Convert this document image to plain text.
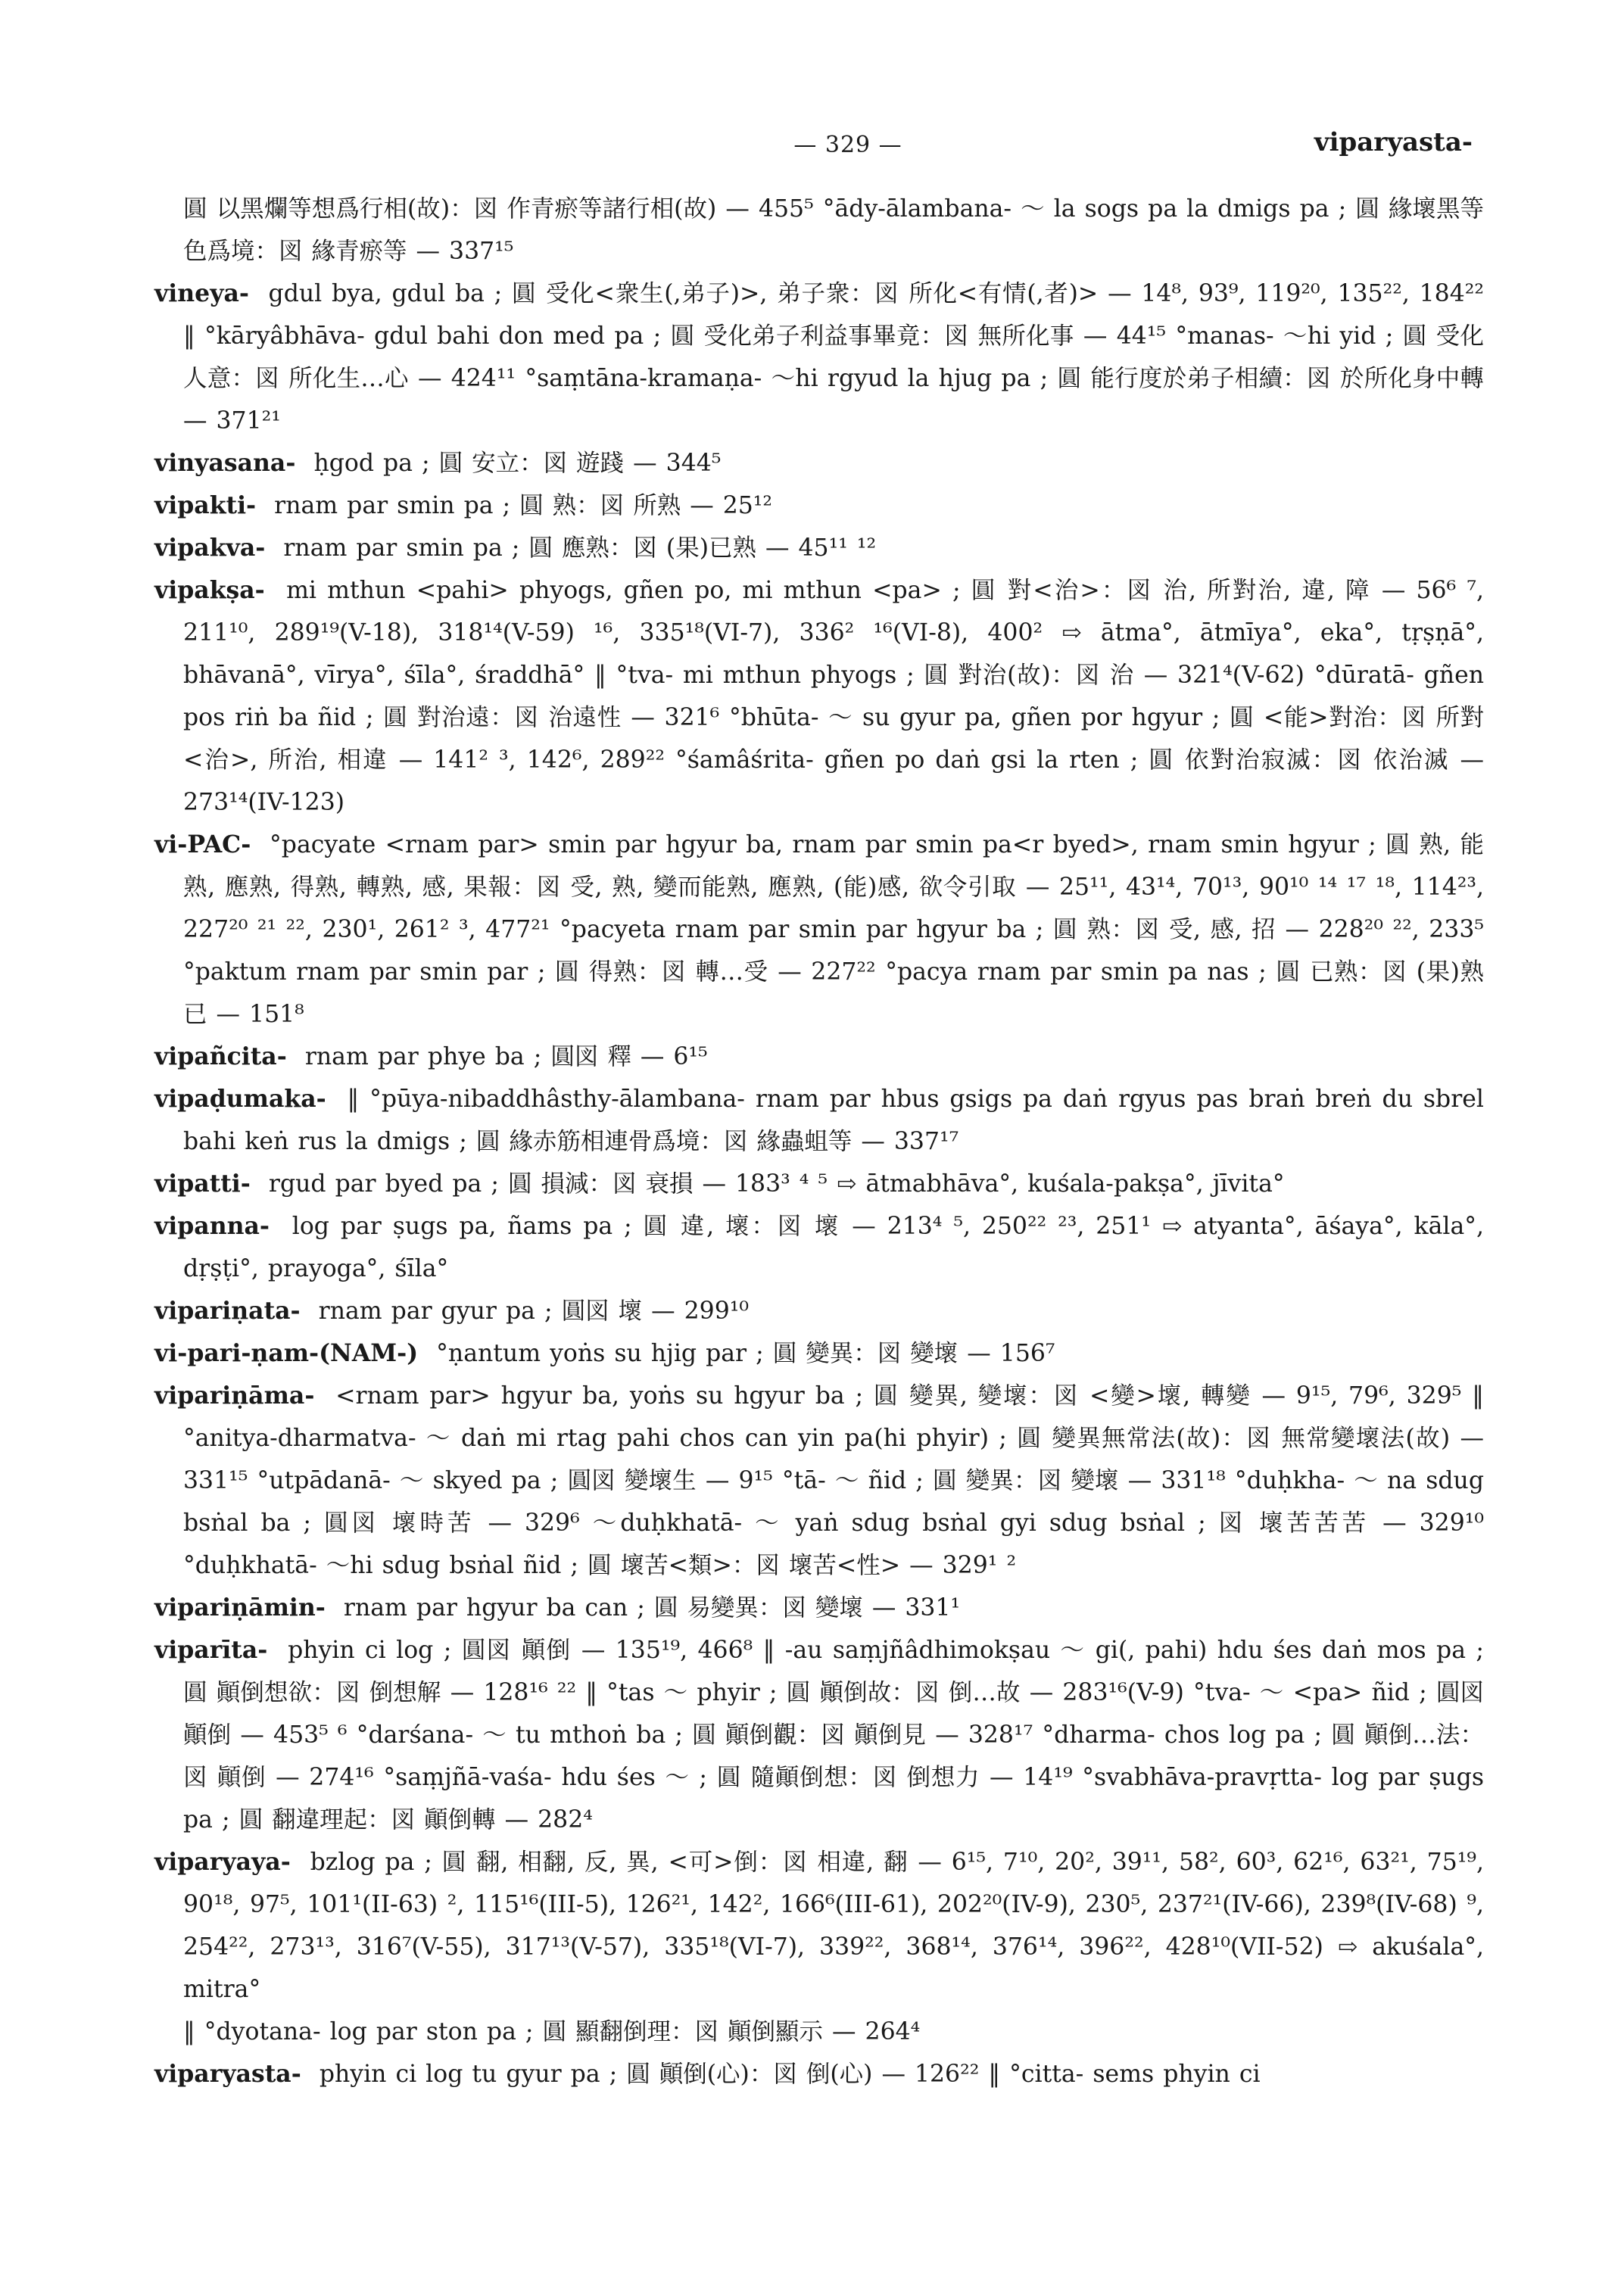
— 329 —	viparyasta-

圓 以黑爛等想爲行相(故)：図 作青瘀等諸行相(故) — 455⁵ °ādy-ālambana- ～ la sogs pa la dmigs pa ; 圓 緣壞黑等色爲境：図 緣青瘀等 — 337¹⁵

vineya- gdul bya, gdul ba ; 圓 受化<衆生(,弟子)>, 弟子衆：図 所化<有情(,者)> — 14⁸, 93⁹, 119²⁰, 135²², 184²² ‖ °kāryâbhāva- gdul bahi don med pa ; 圓 受化弟子利益事畢竟：図 無所化事 — 44¹⁵ °manas- ～hi yid ; 圓 受化人意：図 所化生…心 — 424¹¹ °saṃtāna-kramaṇa- ～hi rgyud la hjug pa ; 圓 能行度於弟子相續：図 於所化身中轉 — 371²¹

vinyasana- ḥgod pa ; 圓 安立：図 遊踐 — 344⁵

vipakti- rnam par smin pa ; 圓 熟：図 所熟 — 25¹²

vipakva- rnam par smin pa ; 圓 應熟：図 (果)已熟 — 45¹¹ ¹²

vipakṣa- mi mthun <pahi> phyogs, gñen po, mi mthun <pa> ; 圓 對<治>：図 治, 所對治, 違, 障 — 56⁶ ⁷, 211¹⁰, 289¹⁹(V-18), 318¹⁴(V-59) ¹⁶, 335¹⁸(VI-7), 336² ¹⁶(VI-8), 400² ⇨ ātma°, ātmīya°, eka°, tṛṣṇā°, bhāvanā°, vīrya°, śīla°, śraddhā° ‖ °tva- mi mthun phyogs ; 圓 對治(故)：図 治 — 321⁴(V-62) °dūratā- gñen pos riṅ ba ñid ; 圓 對治遠：図 治遠性 — 321⁶ °bhūta- ～ su gyur pa, gñen por hgyur ; 圓 <能>對治：図 所對<治>, 所治, 相違 — 141² ³, 142⁶, 289²² °śamâśrita- gñen po daṅ gsi la rten ; 圓 依對治寂滅：図 依治滅 — 273¹⁴(IV-123)

vi-PAC- °pacyate <rnam par> smin par hgyur ba, rnam par smin pa<r byed>, rnam smin hgyur ; 圓 熟, 能熟, 應熟, 得熟, 轉熟, 感, 果報：図 受, 熟, 變而能熟, 應熟, (能)感, 欲令引取 — 25¹¹, 43¹⁴, 70¹³, 90¹⁰ ¹⁴ ¹⁷ ¹⁸, 114²³, 227²⁰ ²¹ ²², 230¹, 261² ³, 477²¹ °pacyeta rnam par smin par hgyur ba ; 圓 熟：図 受, 感, 招 — 228²⁰ ²², 233⁵ °paktum rnam par smin par ; 圓 得熟：図 轉…受 — 227²² °pacya rnam par smin pa nas ; 圓 已熟：図 (果)熟已 — 151⁸

vipañcita- rnam par phye ba ; 圓図 釋 — 6¹⁵

vipaḍumaka- ‖ °pūya-nibaddhâsthy-ālambana- rnam par hbus gsigs pa daṅ rgyus pas braṅ breṅ du sbrel bahi keṅ rus la dmigs ; 圓 緣赤筋相連骨爲境：図 緣蟲蛆等 — 337¹⁷

vipatti- rgud par byed pa ; 圓 損減：図 衰損 — 183³ ⁴ ⁵ ⇨ ātmabhāva°, kuśala-pakṣa°, jīvita°

vipanna- log par ṣugs pa, ñams pa ; 圓 違, 壞：図 壞 — 213⁴ ⁵, 250²² ²³, 251¹ ⇨ atyanta°, āśaya°, kāla°, dṛṣṭi°, prayoga°, śīla°

vipariṇata- rnam par gyur pa ; 圓図 壞 — 299¹⁰

vi-pari-ṇam-(NAM-) °ṇantum yoṅs su hjig par ; 圓 變異：図 變壞 — 156⁷

vipariṇāma- <rnam par> hgyur ba, yoṅs su hgyur ba ; 圓 變異, 變壞：図 <變>壞, 轉變 — 9¹⁵, 79⁶, 329⁵ ‖ °anitya-dharmatva- ～ daṅ mi rtag pahi chos can yin pa(hi phyir) ; 圓 變異無常法(故)：図 無常變壞法(故) — 331¹⁵ °utpādanā- ～ skyed pa ; 圓図 變壞生 — 9¹⁵ °tā- ～ ñid ; 圓 變異：図 變壞 — 331¹⁸ °duḥkha- ～ na sdug bsṅal ba ; 圓図 壞時苦 — 329⁶ ～duḥkhatā- ～ yaṅ sdug bsṅal gyi sdug bsṅal ; 図 壞苦苦苦 — 329¹⁰ °duḥkhatā- ～hi sdug bsṅal ñid ; 圓 壞苦<類>：図 壞苦<性> — 329¹ ²

vipariṇāmin- rnam par hgyur ba can ; 圓 易變異：図 變壞 — 331¹

viparīta- phyin ci log ; 圓図 顚倒 — 135¹⁹, 466⁸ ‖ -au saṃjñâdhimokṣau ～ gi(, pahi) hdu śes daṅ mos pa ; 圓 顚倒想欲：図 倒想解 — 128¹⁶ ²² ‖ °tas ～ phyir ; 圓 顚倒故：図 倒…故 — 283¹⁶(V-9) °tva- ～ <pa> ñid ; 圓図 顚倒 — 453⁵ ⁶ °darśana- ～ tu mthoṅ ba ; 圓 顚倒觀：図 顚倒見 — 328¹⁷ °dharma- chos log pa ; 圓 顚倒…法：図 顚倒 — 274¹⁶ °saṃjñā-vaśa- hdu śes ～ ; 圓 隨顚倒想：図 倒想力 — 14¹⁹ °svabhāva-pravṛtta- log par ṣugs pa ; 圓 翻違理起：図 顚倒轉 — 282⁴

viparyaya- bzlog pa ; 圓 翻, 相翻, 反, 異, <可>倒：図 相違, 翻 — 6¹⁵, 7¹⁰, 20², 39¹¹, 58², 60³, 62¹⁶, 63²¹, 75¹⁹, 90¹⁸, 97⁵, 101¹(II-63) ², 115¹⁶(III-5), 126²¹, 142², 166⁶(III-61), 202²⁰(IV-9), 230⁵, 237²¹(IV-66), 239⁸(IV-68) ⁹, 254²², 273¹³, 316⁷(V-55), 317¹³(V-57), 335¹⁸(VI-7), 339²², 368¹⁴, 376¹⁴, 396²², 428¹⁰(VII-52) ⇨ akuśala°, mitra°

‖ °dyotana- log par ston pa ; 圓 顯翻倒理：図 顚倒顯示 — 264⁴

viparyasta- phyin ci log tu gyur pa ; 圓 顚倒(心)：図 倒(心) — 126²² ‖ °citta- sems phyin ci
